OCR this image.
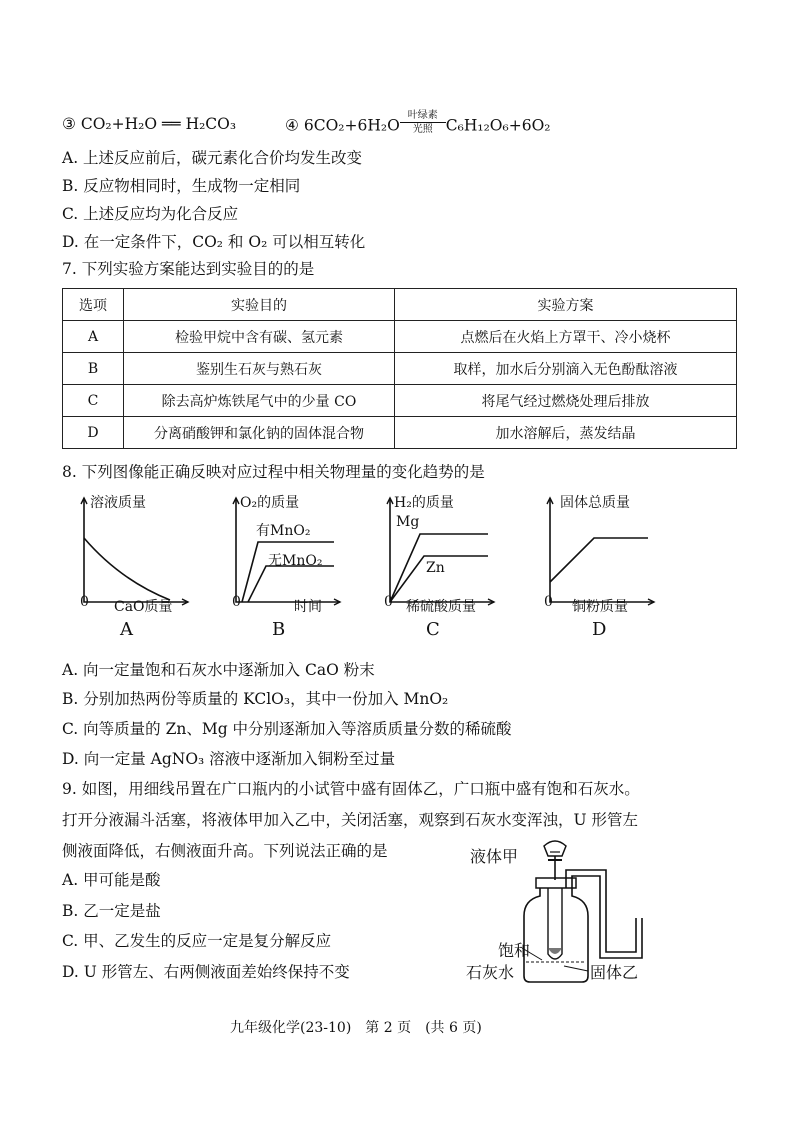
③ CO₂+H₂O ══ H₂CO₃	④ 6CO₂+6H₂O
叶绿素
光照 C₆H₁₂O₆+6O₂
A. 上述反应前后，碳元素化合价均发生改变
B. 反应物相同时，生成物一定相同
C. 上述反应均为化合反应
D. 在一定条件下，CO₂ 和 O₂ 可以相互转化
7. 下列实验方案能达到实验目的的是
选项	实验目的	实验方案
A	检验甲烷中含有碳、氢元素	点燃后在火焰上方罩干、冷小烧杯
B	鉴别生石灰与熟石灰	取样，加水后分别滴入无色酚酞溶液
C	除去高炉炼铁尾气中的少量 CO	将尾气经过燃烧处理后排放
D	分离硝酸钾和氯化钠的固体混合物	加水溶解后，蒸发结晶
8. 下列图像能正确反映对应过程中相关物理量的变化趋势的是
溶液质量
0 CaO质量
A
O₂的质量
有MnO₂
无MnO₂
0	时间
B
H₂的质量
Mg
Zn
0 稀硫酸质量
C
固体总质量
0 铜粉质量
D
A. 向一定量饱和石灰水中逐渐加入 CaO 粉末
B. 分别加热两份等质量的 KClO₃，其中一份加入 MnO₂
C. 向等质量的 Zn、Mg 中分别逐渐加入等溶质质量分数的稀硫酸
D. 向一定量 AgNO₃ 溶液中逐渐加入铜粉至过量
9. 如图，用细线吊置在广口瓶内的小试管中盛有固体乙，广口瓶中盛有饱和石灰水。
打开分液漏斗活塞，将液体甲加入乙中，关闭活塞，观察到石灰水变浑浊，U 形管左
侧液面降低，右侧液面升高。下列说法正确的是
A. 甲可能是酸
B. 乙一定是盐
C. 甲、乙发生的反应一定是复分解反应
D. U 形管左、右两侧液面差始终保持不变
液体甲
饱和
石灰水	固体乙
九年级化学(23-10)　第 2 页　(共 6 页)
